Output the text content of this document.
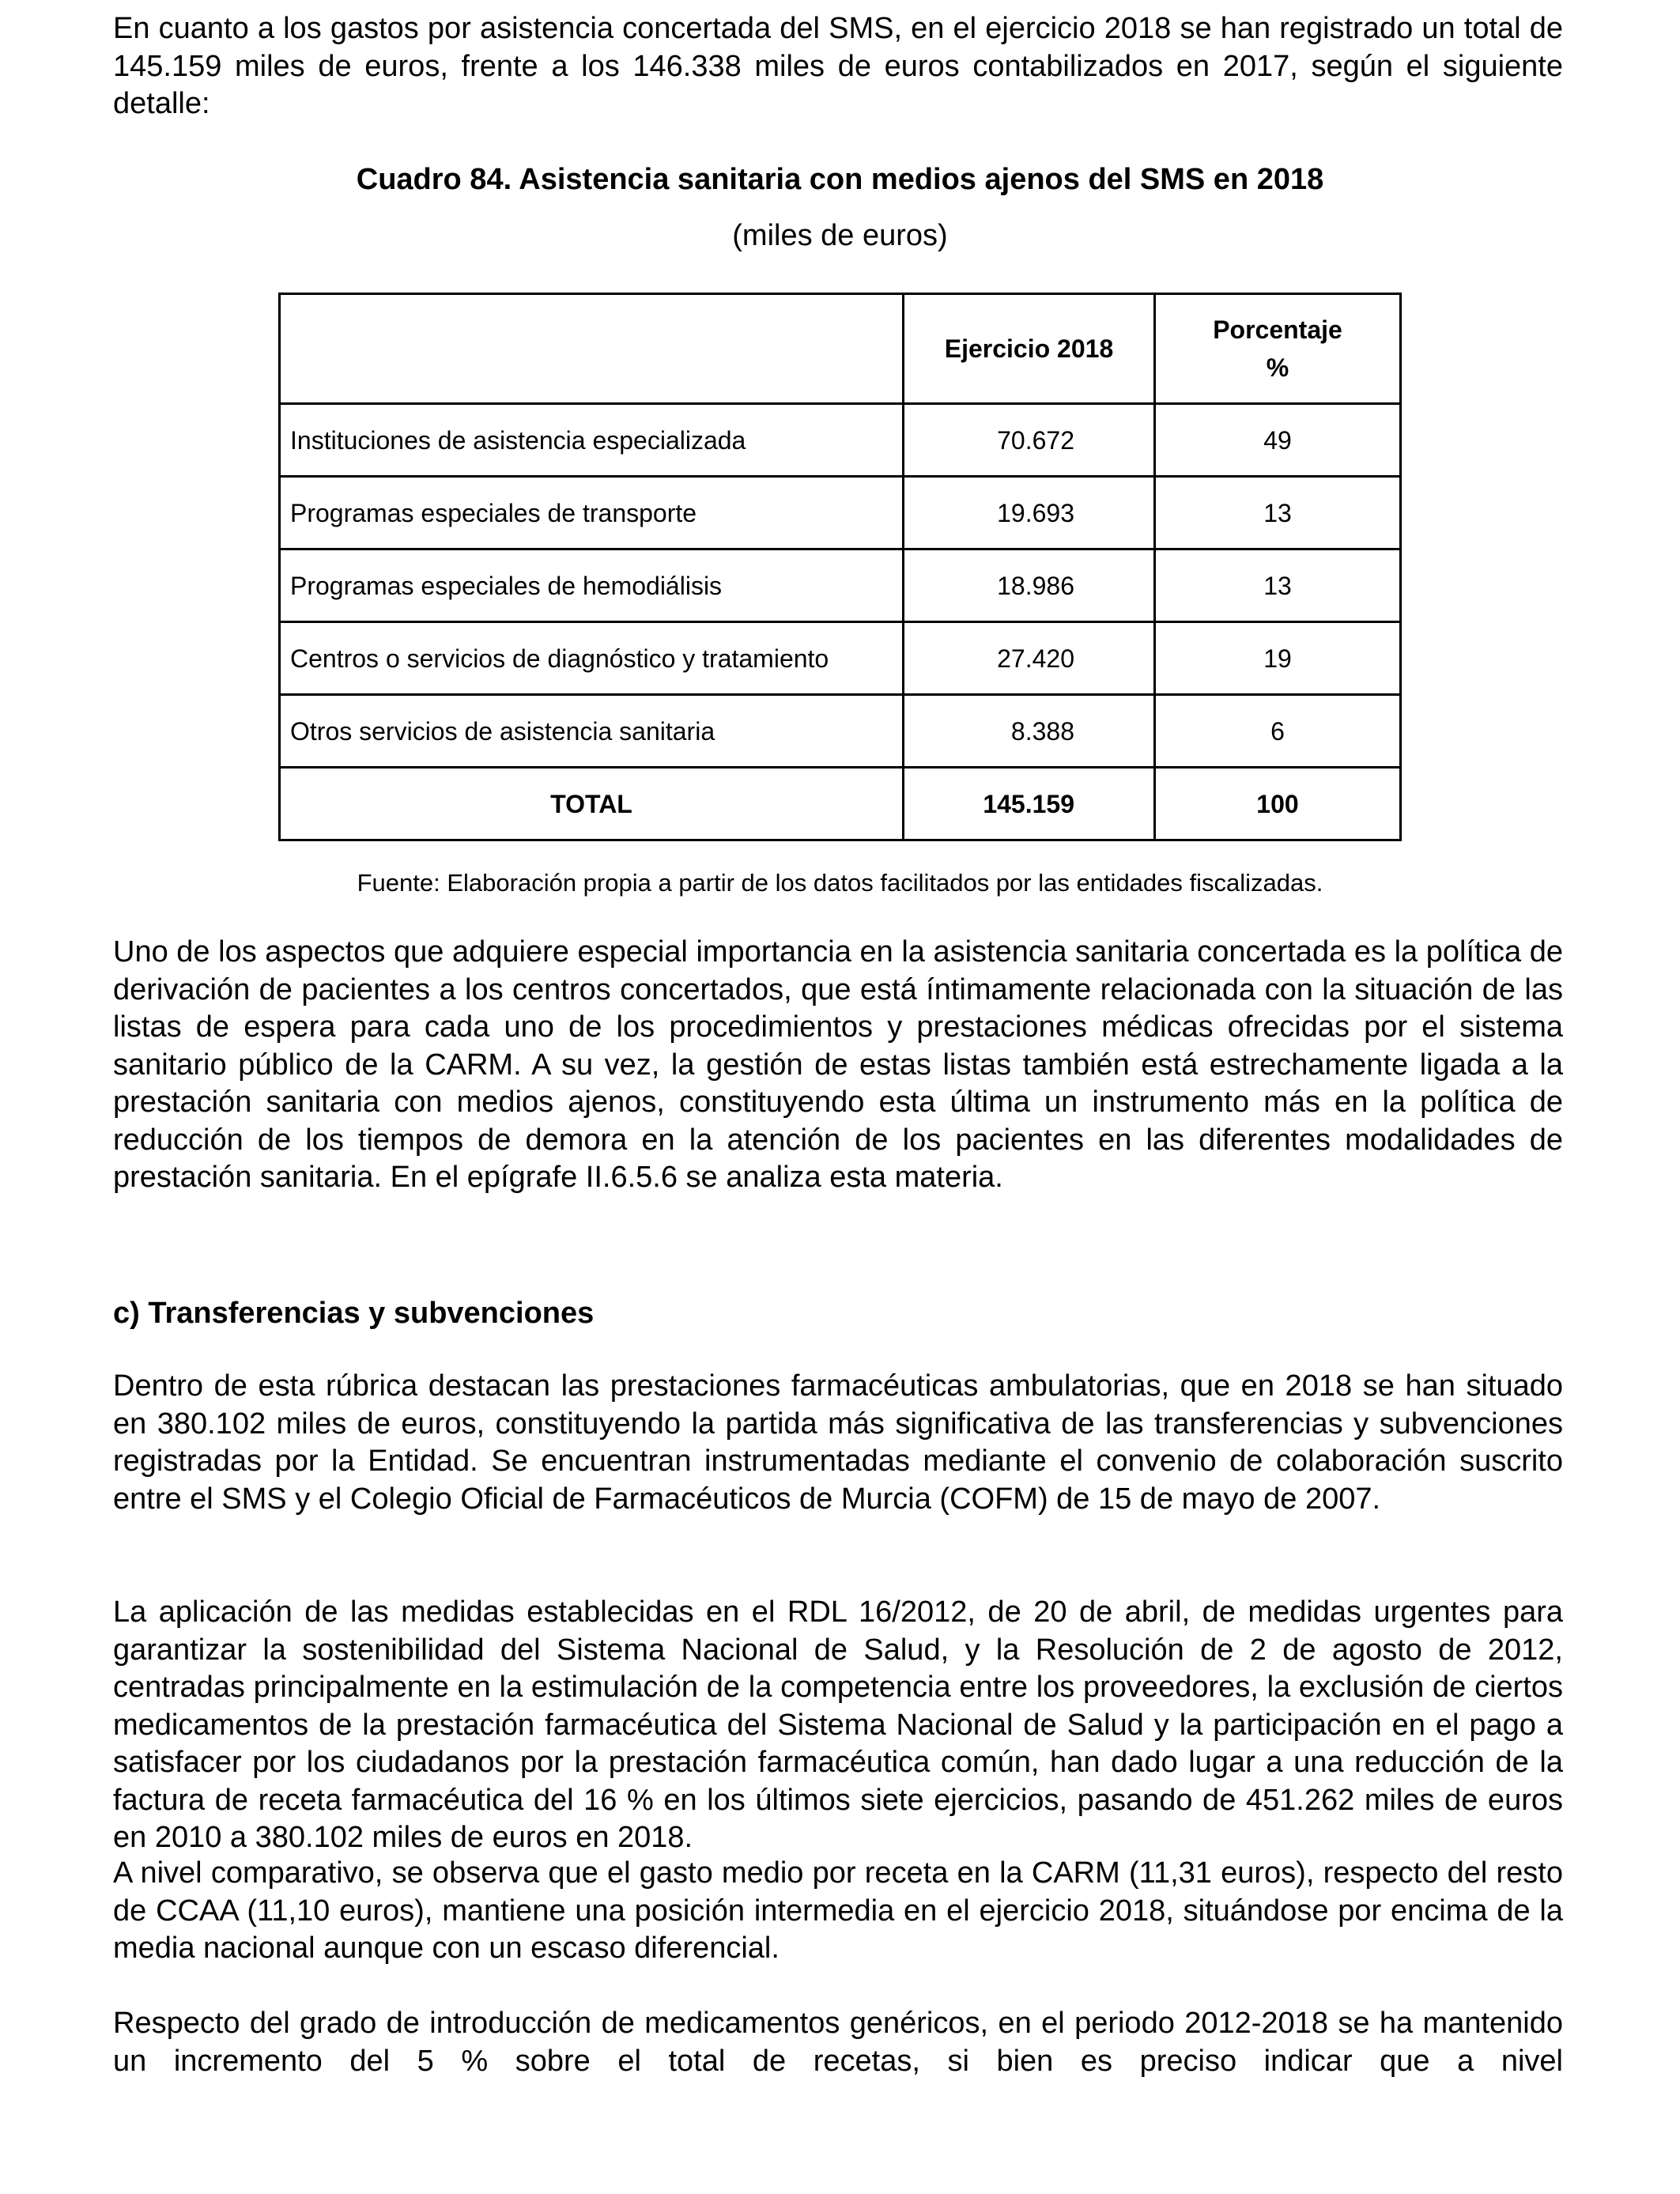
En cuanto a los gastos por asistencia concertada del SMS, en el ejercicio 2018 se han registrado un total de 145.159 miles de euros, frente a los 146.338 miles de euros contabilizados en 2017, según el siguiente detalle:

Cuadro 84. Asistencia sanitaria con medios ajenos del SMS en 2018

(miles de euros)

	Ejercicio 2018	Porcentaje
%

Instituciones de asistencia especializada	70.672	49
Programas especiales de transporte	19.693	13
Programas especiales de hemodiálisis	18.986	13
Centros o servicios de diagnóstico y tratamiento	27.420	19
Otros servicios de asistencia sanitaria	8.388	6
TOTAL	145.159	100

Fuente: Elaboración propia a partir de los datos facilitados por las entidades fiscalizadas.

Uno de los aspectos que adquiere especial importancia en la asistencia sanitaria concertada es la política de derivación de pacientes a los centros concertados, que está íntimamente relacionada con la situación de las listas de espera para cada uno de los procedimientos y prestaciones médicas ofrecidas por el sistema sanitario público de la CARM. A su vez, la gestión de estas listas también está estrechamente ligada a la prestación sanitaria con medios ajenos, constituyendo esta última un instrumento más en la política de reducción de los tiempos de demora en la atención de los pacientes en las diferentes modalidades de prestación sanitaria. En el epígrafe II.6.5.6 se analiza esta materia.

c) Transferencias y subvenciones

Dentro de esta rúbrica destacan las prestaciones farmacéuticas ambulatorias, que en 2018 se han situado en 380.102 miles de euros, constituyendo la partida más significativa de las transferencias y subvenciones registradas por la Entidad. Se encuentran instrumentadas mediante el convenio de colaboración suscrito entre el SMS y el Colegio Oficial de Farmacéuticos de Murcia (COFM) de 15 de mayo de 2007.

La aplicación de las medidas establecidas en el RDL 16/2012, de 20 de abril, de medidas urgentes para garantizar la sostenibilidad del Sistema Nacional de Salud, y la Resolución de 2 de agosto de 2012, centradas principalmente en la estimulación de la competencia entre los proveedores, la exclusión de ciertos medicamentos de la prestación farmacéutica del Sistema Nacional de Salud y la participación en el pago a satisfacer por los ciudadanos por la prestación farmacéutica común, han dado lugar a una reducción de la factura de receta farmacéutica del 16 % en los últimos siete ejercicios, pasando de 451.262 miles de euros en 2010 a 380.102 miles de euros en 2018.

A nivel comparativo, se observa que el gasto medio por receta en la CARM (11,31 euros), respecto del resto de CCAA (11,10 euros), mantiene una posición intermedia en el ejercicio 2018, situándose por encima de la media nacional aunque con un escaso diferencial.

Respecto del grado de introducción de medicamentos genéricos, en el periodo 2012-2018 se ha mantenido un incremento del 5 % sobre el total de recetas, si bien es preciso indicar que a nivel
